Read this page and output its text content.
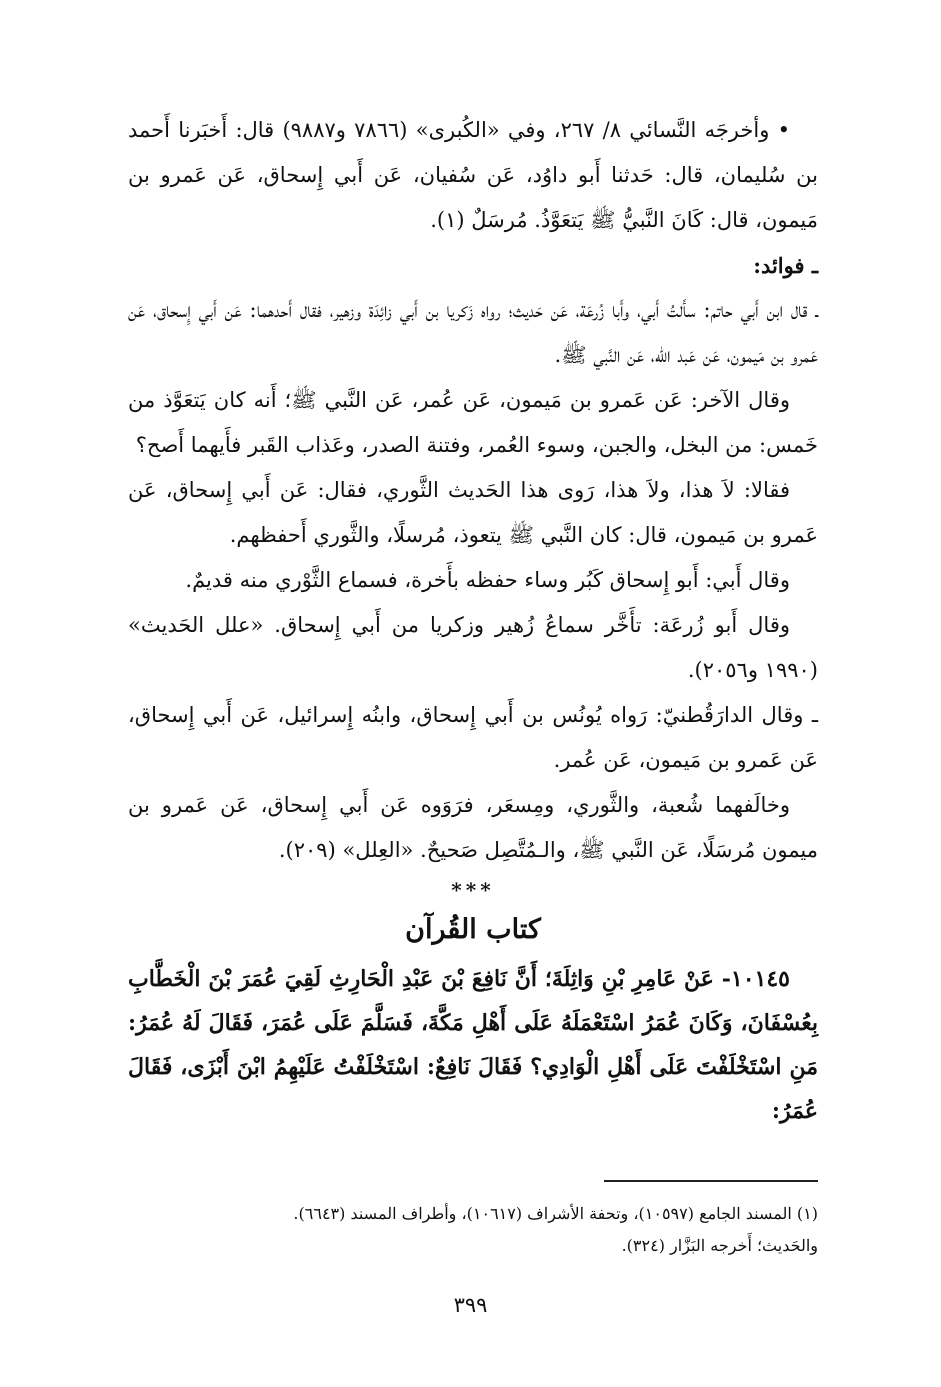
• وأخرجَه النَّسائي ٨/ ٢٦٧، وفي «الكُبرى» (٧٨٦٦ و٩٨٨٧) قال: أَخبَرنا أَحمد بن سُليمان، قال: حَدثنا أَبو داوُد، عَن سُفيان، عَن أَبي إِسحاق، عَن عَمرو بن مَيمون، قال: كَانَ النَّبيُّ ﷺ يَتعَوَّذُ. مُرسَلٌ (١).

ـ فوائد:

ـ قال ابن أَبي حاتم: سأَلتُ أَبي، وأَبا زُرعَة، عَن حَديث؛ رواه زَكريا بن أَبي زائِدَة وزهير، فقال أَحدهما: عَن أَبي إِسحاق، عَن عَمرو بن مَيمون، عَن عَبد الله، عَن النَّبي ﷺ.

وقال الآخر: عَن عَمرو بن مَيمون، عَن عُمر، عَن النَّبي ﷺ؛ أَنه كان يَتعَوَّذ من خَمس: من البخل، والجبن، وسوء العُمر، وفتنة الصدر، وعَذاب القَبر فأَيهما أَصح؟

فقالا: لاَ هذا، ولاَ هذا، رَوى هذا الحَديث الثَّوري، فقال: عَن أَبي إِسحاق، عَن عَمرو بن مَيمون، قال: كان النَّبي ﷺ يتعوذ، مُرسلًا، والثَّوري أَحفظهم.

وقال أَبي: أَبو إِسحاق كَبُر وساء حفظه بأَخرة، فسماع الثَّوْري منه قديمٌ.

وقال أَبو زُرعَة: تأَخَّر سماعُ زُهير وزكريا من أَبي إِسحاق. «علل الحَديث» (١٩٩٠ و٢٠٥٦).

ـ وقال الدارَقُطنيّ: رَواه يُونُس بن أَبي إِسحاق، وابنُه إِسرائيل، عَن أَبي إِسحاق، عَن عَمرو بن مَيمون، عَن عُمر.

وخالَفهما شُعبة، والثَّوري، ومِسعَر، فرَوَوه عَن أَبي إِسحاق، عَن عَمرو بن ميمون مُرسَلًا، عَن النَّبي ﷺ، والـمُتَّصِل صَحيحٌ. «العِلل» (٢٠٩).

***

كتاب القُرآن

١٠١٤٥- عَنْ عَامِرِ بْنِ وَاثِلَةَ؛ أَنَّ نَافِعَ بْنَ عَبْدِ الْحَارِثِ لَقِيَ عُمَرَ بْنَ الْخَطَّابِ بِعُسْفَانَ، وَكَانَ عُمَرُ اسْتَعْمَلَهُ عَلَى أَهْلِ مَكَّةَ، فَسَلَّمَ عَلَى عُمَرَ، فَقَالَ لَهُ عُمَرُ: مَنِ اسْتَخْلَفْتَ عَلَى أَهْلِ الْوَادِي؟ فَقَالَ نَافِعٌ: اسْتَخْلَفْتُ عَلَيْهِمُ ابْنَ أَبْزَى، فَقَالَ عُمَرُ:

(١) المسند الجامع (١٠٥٩٧)، وتحفة الأشراف (١٠٦١٧)، وأطراف المسند (٦٦٤٣).

والحَديث؛ أَخرجه البَزَّار (٣٢٤).

٣٩٩
